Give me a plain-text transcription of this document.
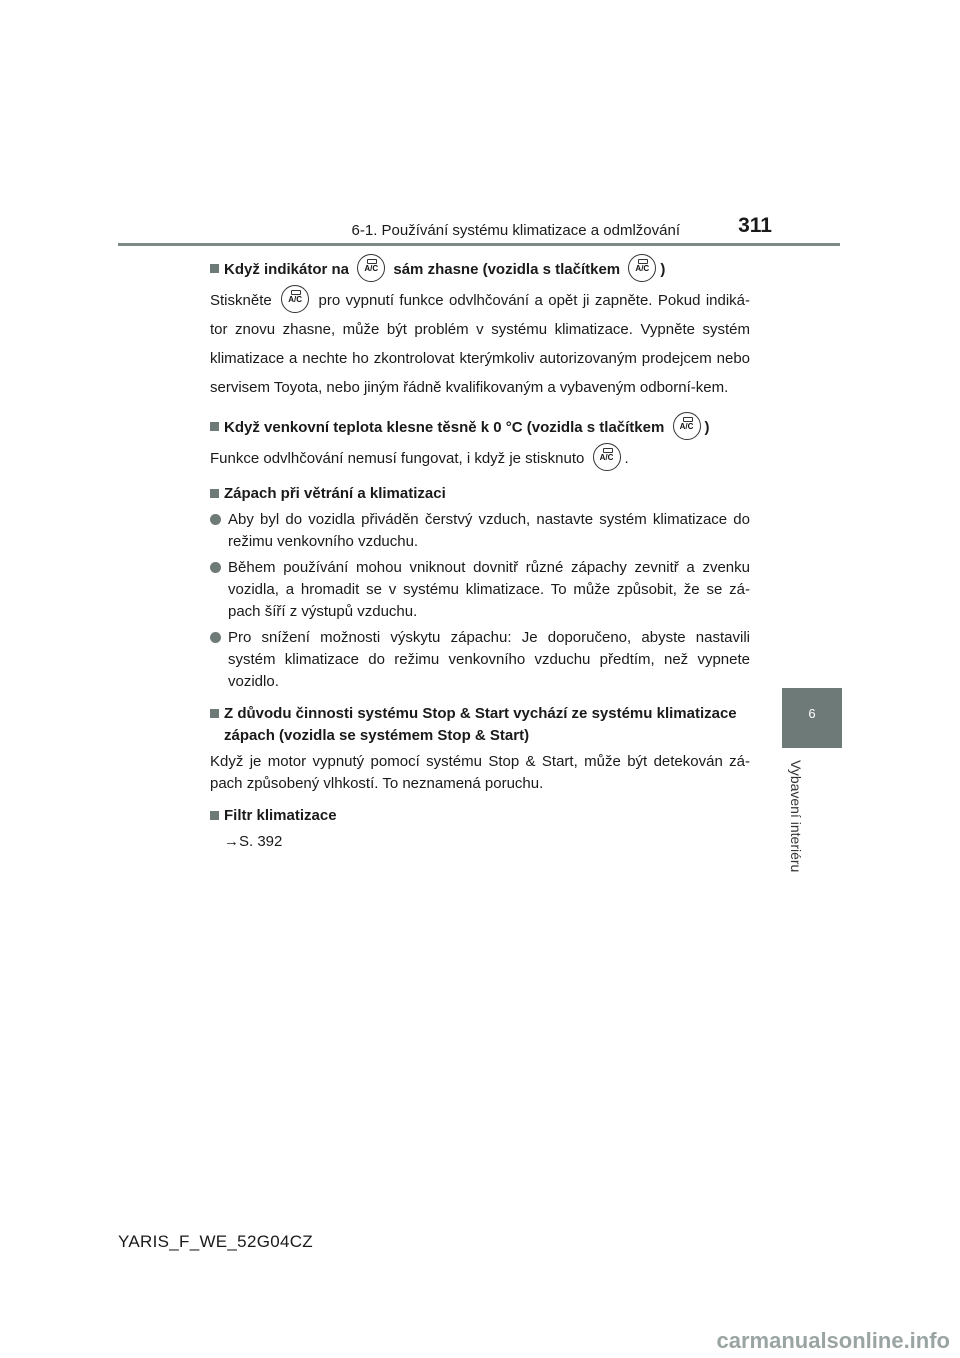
6-1. Používání systému klimatizace a odmlžování	311
6
Vybavení interiéru

Když indikátor na A/C sám zhasne (vozidla s tlačítkem A/C )

Stiskněte A/C pro vypnutí funkce odvlhčování a opět ji zapněte. Pokud indiká-tor znovu zhasne, může být problém v systému klimatizace. Vypněte systém klimatizace a nechte ho zkontrolovat kterýmkoliv autorizovaným prodejcem nebo servisem Toyota, nebo jiným řádně kvalifikovaným a vybaveným odborní-kem.

Když venkovní teplota klesne těsně k 0 °C (vozidla s tlačítkem A/C )

Funkce odvlhčování nemusí fungovat, i když je stisknuto A/C .

Zápach při větrání a klimatizaci

Aby byl do vozidla přiváděn čerstvý vzduch, nastavte systém klimatizace do režimu venkovního vzduchu.

Během používání mohou vniknout dovnitř různé zápachy zevnitř a zvenku vozidla, a hromadit se v systému klimatizace. To může způsobit, že se zá-pach šíří z výstupů vzduchu.

Pro snížení možnosti výskytu zápachu: Je doporučeno, abyste nastavili systém klimatizace do režimu venkovního vzduchu předtím, než vypnete vozidlo.

Z důvodu činnosti systému Stop & Start vychází ze systému klimatizace zápach (vozidla se systémem Stop & Start)

Když je motor vypnutý pomocí systému Stop & Start, může být detekován zá-pach způsobený vlhkostí. To neznamená poruchu.

Filtr klimatizace

→S. 392

YARIS_F_WE_52G04CZ
carmanualsonline.info
